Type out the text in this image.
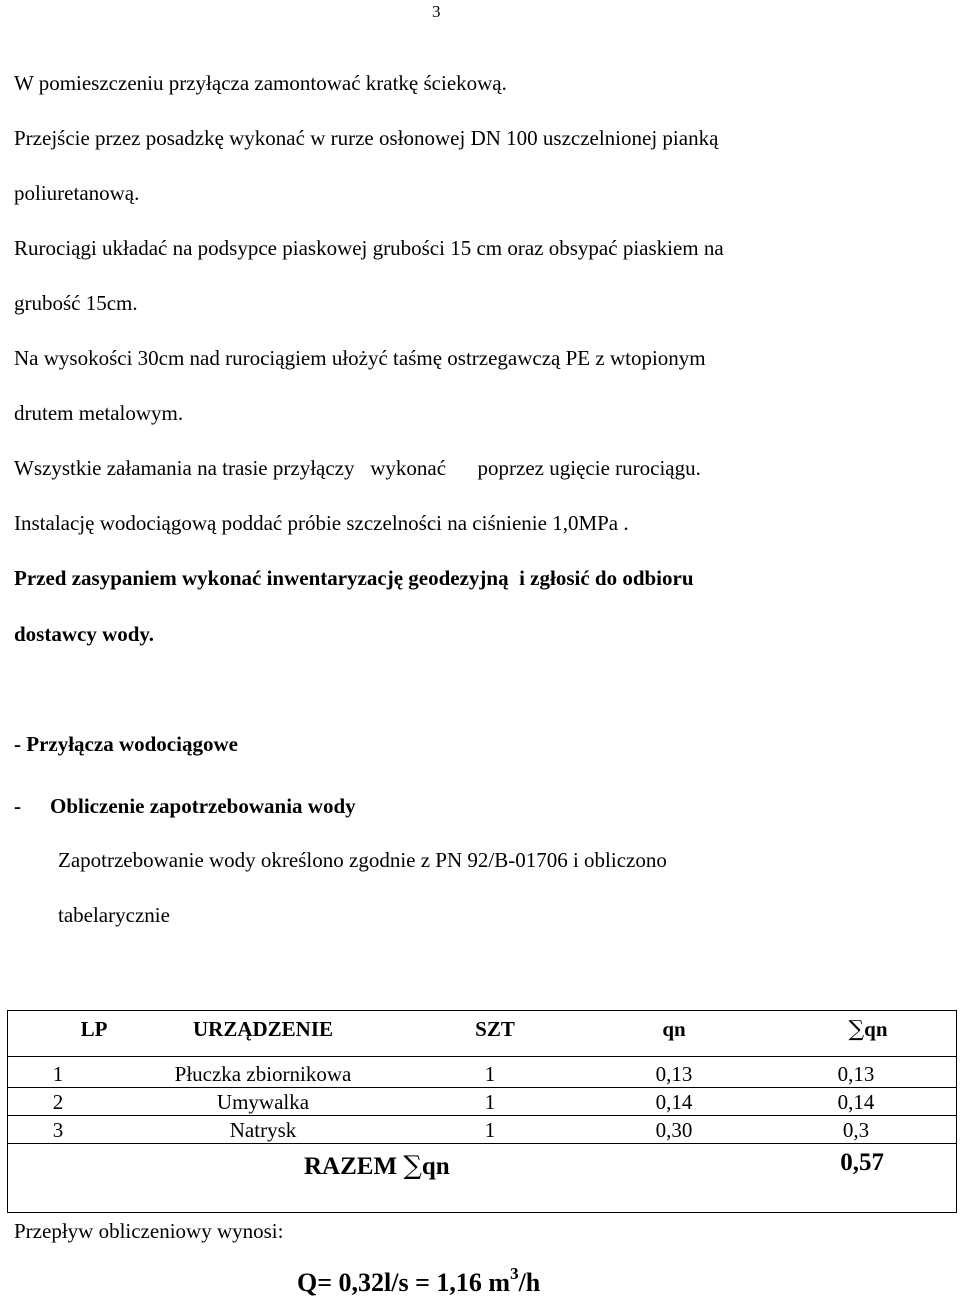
3
W pomieszczeniu przyłącza zamontować kratkę ściekową.
Przejście przez posadzkę wykonać w rurze osłonowej DN 100 uszczelnionej pianką
poliuretanową.
Rurociągi układać na podsypce piaskowej grubości 15 cm oraz obsypać piaskiem na
grubość 15cm.
Na wysokości 30cm nad rurociągiem ułożyć taśmę ostrzegawczą PE z wtopionym
drutem metalowym.
Wszystkie załamania na trasie przyłączy   wykonać      poprzez ugięcie rurociągu.
Instalację wodociągową poddać próbie szczelności na ciśnienie 1,0MPa .
Przed zasypaniem wykonać inwentaryzację geodezyjną  i zgłosić do odbioru
dostawcy wody.
- Przyłącza wodociągowe
- Obliczenie zapotrzebowania wody
Zapotrzebowanie wody określono zgodnie z PN 92/B-01706 i obliczono
tabelarycznie
LP	URZĄDZENIE	SZT	qn	∑qn
1	Płuczka zbiornikowa	1	0,13	0,13
2	Umywalka	1	0,14	0,14
3	Natrysk	1	0,30	0,3
RAZEM ∑qn	0,57
Przepływ obliczeniowy wynosi:
Q= 0,32l/s = 1,16 $m^3/h$
